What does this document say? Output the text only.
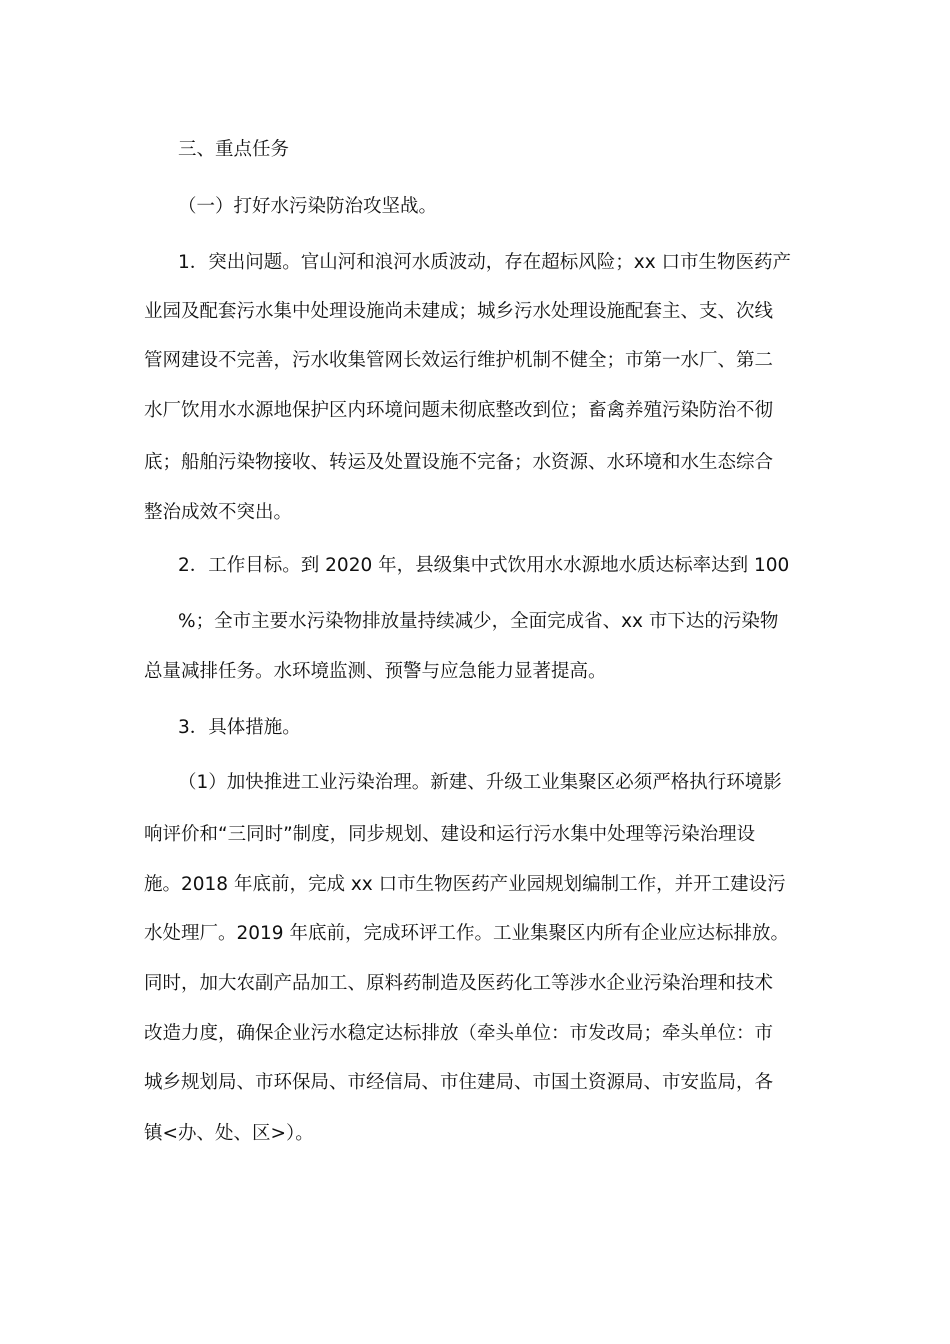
三、重点任务
（一）打好水污染防治攻坚战。
1．突出问题。官山河和浪河水质波动，存在超标风险；xx 口市生物医药产
业园及配套污水集中处理设施尚未建成；城乡污水处理设施配套主、支、次线
管网建设不完善，污水收集管网长效运行维护机制不健全；市第一水厂、第二
水厂饮用水水源地保护区内环境问题未彻底整改到位；畜禽养殖污染防治不彻
底；船舶污染物接收、转运及处置设施不完备；水资源、水环境和水生态综合
整治成效不突出。
2．工作目标。到 2020 年，县级集中式饮用水水源地水质达标率达到 100
%；全市主要水污染物排放量持续减少，全面完成省、xx 市下达的污染物
总量减排任务。水环境监测、预警与应急能力显著提高。
3．具体措施。
（1）加快推进工业污染治理。新建、升级工业集聚区必须严格执行环境影
响评价和“三同时”制度，同步规划、建设和运行污水集中处理等污染治理设
施。2018 年底前，完成 xx 口市生物医药产业园规划编制工作，并开工建设污
水处理厂。2019 年底前，完成环评工作。工业集聚区内所有企业应达标排放。
同时，加大农副产品加工、原料药制造及医药化工等涉水企业污染治理和技术
改造力度，确保企业污水稳定达标排放（牵头单位：市发改局；牵头单位：市
城乡规划局、市环保局、市经信局、市住建局、市国土资源局、市安监局，各
镇<办、处、区>）。
